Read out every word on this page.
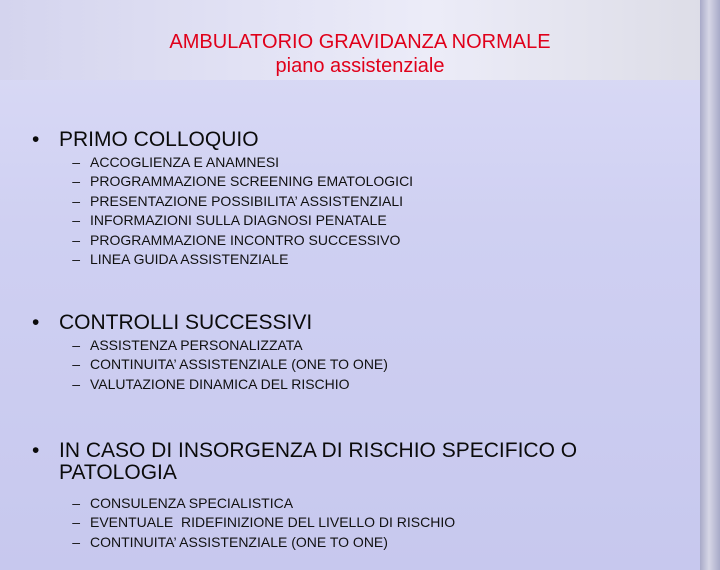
AMBULATORIO GRAVIDANZA NORMALE
piano assistenziale
• PRIMO COLLOQUIO
– ACCOGLIENZA E ANAMNESI
– PROGRAMMAZIONE SCREENING EMATOLOGICI
– PRESENTAZIONE POSSIBILITA’ ASSISTENZIALI
– INFORMAZIONI SULLA DIAGNOSI PENATALE
– PROGRAMMAZIONE INCONTRO SUCCESSIVO
– LINEA GUIDA ASSISTENZIALE
• CONTROLLI SUCCESSIVI
– ASSISTENZA PERSONALIZZATA
– CONTINUITA’ ASSISTENZIALE (ONE TO ONE)
– VALUTAZIONE DINAMICA DEL RISCHIO
• IN CASO DI INSORGENZA DI RISCHIO SPECIFICO O PATOLOGIA
– CONSULENZA SPECIALISTICA
– EVENTUALE  RIDEFINIZIONE DEL LIVELLO DI RISCHIO
– CONTINUITA’ ASSISTENZIALE (ONE TO ONE)
